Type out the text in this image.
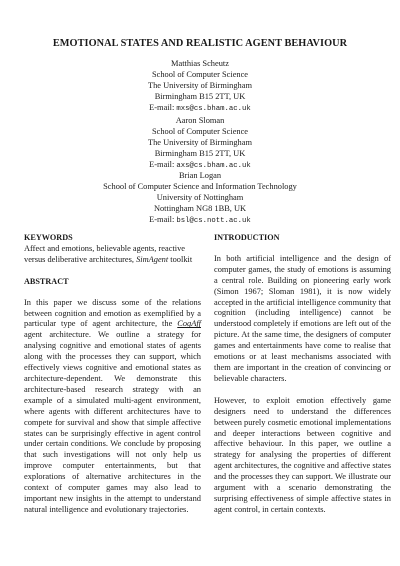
EMOTIONAL STATES AND REALISTIC AGENT BEHAVIOUR
Matthias Scheutz
School of Computer Science
The University of Birmingham
Birmingham B15 2TT, UK
E-mail: mxs@cs.bham.ac.uk
Aaron Sloman
School of Computer Science
The University of Birmingham
Birmingham B15 2TT, UK
E-mail: axs@cs.bham.ac.uk
Brian Logan
School of Computer Science and Information Technology
University of Nottingham
Nottingham NG8 1BB, UK
E-mail: bsl@cs.nott.ac.uk
KEYWORDS
Affect and emotions, believable agents, reactive
versus deliberative architectures, SimAgent toolkit
ABSTRACT
In this paper we discuss some of the relations between cognition and emotion as exemplified by a particular type of agent architecture, the CogAff agent architecture. We outline a strategy for analysing cognitive and emotional states of agents along with the processes they can support, which effectively views cognitive and emotional states as architecture-dependent. We demonstrate this architecture-based research strategy with an example of a simulated multi-agent environment, where agents with different architectures have to compete for survival and show that simple affective states can be surprisingly effective in agent control under certain conditions. We conclude by proposing that such investigations will not only help us improve computer entertainments, but that explorations of alternative architectures in the context of computer games may also lead to important new insights in the attempt to understand natural intelligence and evolutionary trajectories.
INTRODUCTION
In both artificial intelligence and the design of computer games, the study of emotions is assuming a central role. Building on pioneering early work (Simon 1967; Sloman 1981), it is now widely accepted in the artificial intelligence community that cognition (including intelligence) cannot be understood completely if emotions are left out of the picture. At the same time, the designers of computer games and entertainments have come to realise that emotions or at least mechanisms associated with them are important in the creation of convincing or believable characters.
However, to exploit emotion effectively game designers need to understand the differences between purely cosmetic emotional implementations and deeper interactions between cognitive and affective behaviour. In this paper, we outline a strategy for analysing the properties of different agent architectures, the cognitive and affective states and the processes they can support. We illustrate our argument with a scenario demonstrating the surprising effectiveness of simple affective states in agent control, in certain contexts.
